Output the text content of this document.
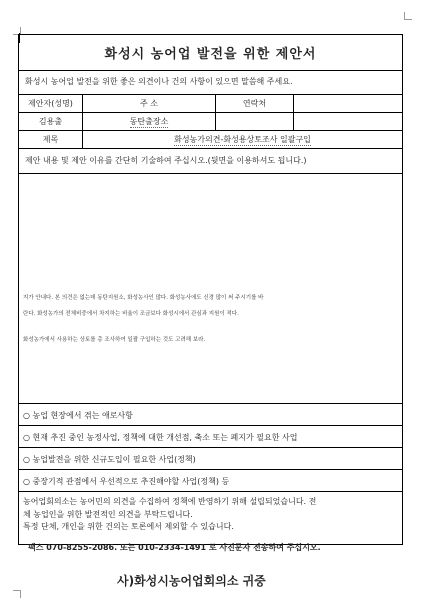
화성시 농어업 발전을 위한 제안서
화성시 농어업 발전을 위한 좋은 의견이나 건의 사항이 있으면 말씀해 주세요.
제안자(성명)	주 소	연락처
김용출	동탄출장소
제목	화성농가의견-화성용상토조사 일괄구입
제안 내용 및 제안 이유를 간단히 기술하여 주십시오.(뒷면을 이용하셔도 됩니다.)

지가 안내다. 본 의견은 없는데 동탄지원소, 화성농사인 많다. 화성농사에도 신경 많이 써 주시기를 바

란다. 화성농가의 전체비중에서 차지하는 비율이 조금보다 화성시에서 관심과 지원이 적다.

화성농가에서 사용하는 상토를 총 조사하여 일괄 구입하는 것도 고려해 보라.

○ 농업 현장에서 겪는 애로사항
○ 현재 추진 중인 농정사업, 정책에 대한 개선점, 축소 또는 폐지가 필요한 사업
○ 농업발전을 위한 신규도입이 필요한 사업(정책)
○ 중장기적 관점에서 우선적으로 추진해야할 사업(정책) 등
농어업회의소는 농어민의 의견을 수집하여 정책에 반영하기 위해 설립되었습니다. 전
체 농업인을 위한 발전적인 의견을 부탁드립니다.
특정 단체, 개인을 위한 건의는 토론에서 제외할 수 있습니다.
팩스 070-8255-2086. 또는 010-2334-1491 로 사진문자 전송하여 주십시오.
사)화성시농어업회의소 귀중
